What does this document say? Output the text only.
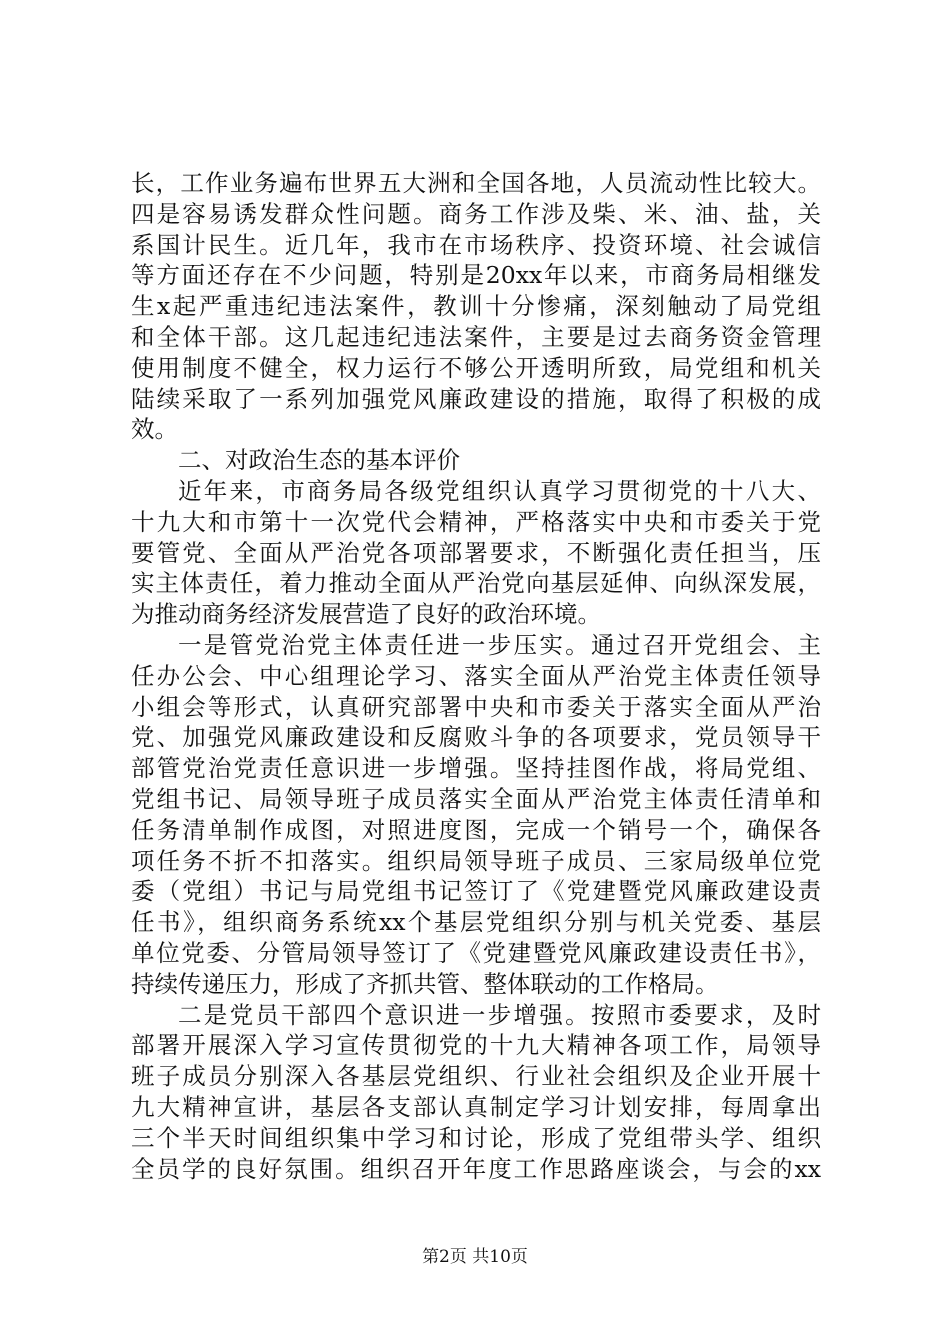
长，工作业务遍布世界五大洲和全国各地，人员流动性比较大。
四是容易诱发群众性问题。商务工作涉及柴、米、油、盐，关
系国计民生。近几年，我市在市场秩序、投资环境、社会诚信
等方面还存在不少问题，特别是20xx年以来，市商务局相继发
生x起严重违纪违法案件，教训十分惨痛，深刻触动了局党组
和全体干部。这几起违纪违法案件，主要是过去商务资金管理
使用制度不健全，权力运行不够公开透明所致，局党组和机关
陆续采取了一系列加强党风廉政建设的措施，取得了积极的成
效。
二、对政治生态的基本评价
近年来，市商务局各级党组织认真学习贯彻党的十八大、
十九大和市第十一次党代会精神，严格落实中央和市委关于党
要管党、全面从严治党各项部署要求，不断强化责任担当，压
实主体责任，着力推动全面从严治党向基层延伸、向纵深发展，
为推动商务经济发展营造了良好的政治环境。
一是管党治党主体责任进一步压实。通过召开党组会、主
任办公会、中心组理论学习、落实全面从严治党主体责任领导
小组会等形式，认真研究部署中央和市委关于落实全面从严治
党、加强党风廉政建设和反腐败斗争的各项要求，党员领导干
部管党治党责任意识进一步增强。坚持挂图作战，将局党组、
党组书记、局领导班子成员落实全面从严治党主体责任清单和
任务清单制作成图，对照进度图，完成一个销号一个，确保各
项任务不折不扣落实。组织局领导班子成员、三家局级单位党
委（党组）书记与局党组书记签订了《党建暨党风廉政建设责
任书》，组织商务系统xx个基层党组织分别与机关党委、基层
单位党委、分管局领导签订了《党建暨党风廉政建设责任书》，
持续传递压力，形成了齐抓共管、整体联动的工作格局。
二是党员干部四个意识进一步增强。按照市委要求，及时
部署开展深入学习宣传贯彻党的十九大精神各项工作，局领导
班子成员分别深入各基层党组织、行业社会组织及企业开展十
九大精神宣讲，基层各支部认真制定学习计划安排，每周拿出
三个半天时间组织集中学习和讨论，形成了党组带头学、组织
全员学的良好氛围。组织召开年度工作思路座谈会，与会的xx
第2页 共10页
